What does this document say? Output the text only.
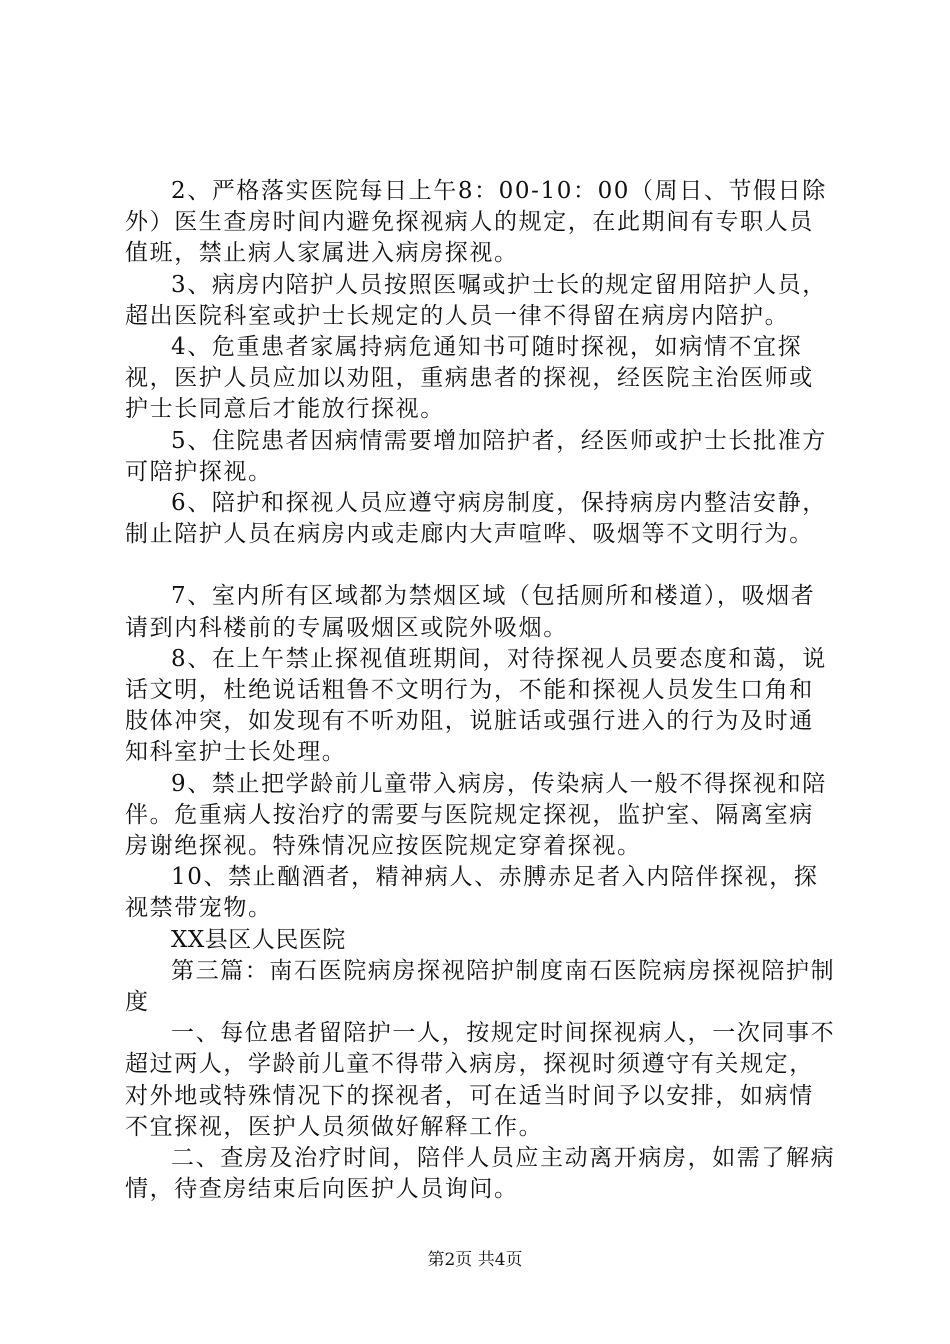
2、严格落实医院每日上午8：00-10：00（周日、节假日除外）医生查房时间内避免探视病人的规定，在此期间有专职人员值班，禁止病人家属进入病房探视。

3、病房内陪护人员按照医嘱或护士长的规定留用陪护人员，超出医院科室或护士长规定的人员一律不得留在病房内陪护。

4、危重患者家属持病危通知书可随时探视，如病情不宜探视，医护人员应加以劝阻，重病患者的探视，经医院主治医师或护士长同意后才能放行探视。

5、住院患者因病情需要增加陪护者，经医师或护士长批准方可陪护探视。

6、陪护和探视人员应遵守病房制度，保持病房内整洁安静，制止陪护人员在病房内或走廊内大声喧哗、吸烟等不文明行为。

7、室内所有区域都为禁烟区域（包括厕所和楼道），吸烟者请到内科楼前的专属吸烟区或院外吸烟。

8、在上午禁止探视值班期间，对待探视人员要态度和蔼，说话文明，杜绝说话粗鲁不文明行为，不能和探视人员发生口角和肢体冲突，如发现有不听劝阻，说脏话或强行进入的行为及时通知科室护士长处理。

9、禁止把学龄前儿童带入病房，传染病人一般不得探视和陪伴。危重病人按治疗的需要与医院规定探视，监护室、隔离室病房谢绝探视。特殊情况应按医院规定穿着探视。

10、禁止酗酒者，精神病人、赤膊赤足者入内陪伴探视，探视禁带宠物。

XX县区人民医院

第三篇：南石医院病房探视陪护制度南石医院病房探视陪护制度

一、每位患者留陪护一人，按规定时间探视病人，一次同事不超过两人，学龄前儿童不得带入病房，探视时须遵守有关规定，对外地或特殊情况下的探视者，可在适当时间予以安排，如病情不宜探视，医护人员须做好解释工作。

二、查房及治疗时间，陪伴人员应主动离开病房，如需了解病情，待查房结束后向医护人员询问。

第2页 共4页
